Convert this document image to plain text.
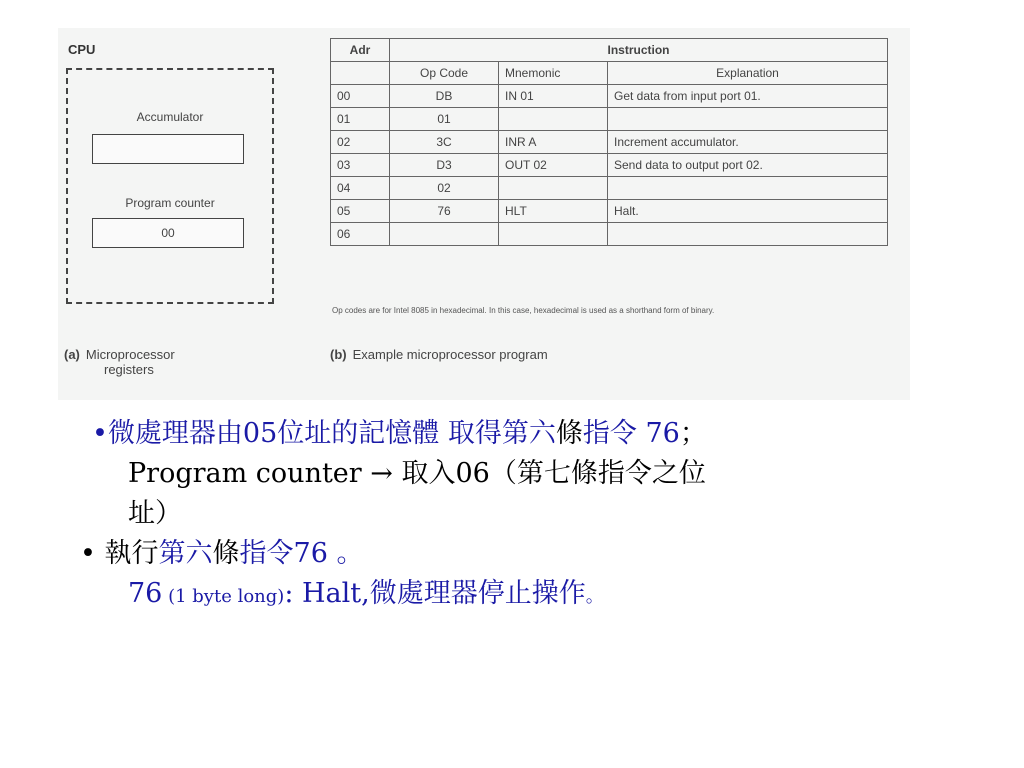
CPU
Accumulator
Program counter
00
(a) Microprocessor
registers
Adr	Instruction		
	Op Code	Mnemonic	Explanation
00	DB	IN 01	Get data from input port 01.
01	01		
02	3C	INR A	Increment accumulator.
03	D3	OUT 02	Send data to output port 02.
04	02		
05	76	HLT	Halt.
06			
Op codes are for Intel 8085 in hexadecimal. In this case, hexadecimal is used as a shorthand form of binary.
(b) Example microprocessor program
•微處理器由05位址的記憶體 取得第六條指令 76；
Program counter → 取入06（第七條指令之位
址）
• 執行第六條指令76 。
76 (1 byte long): Halt,微處理器停止操作。
